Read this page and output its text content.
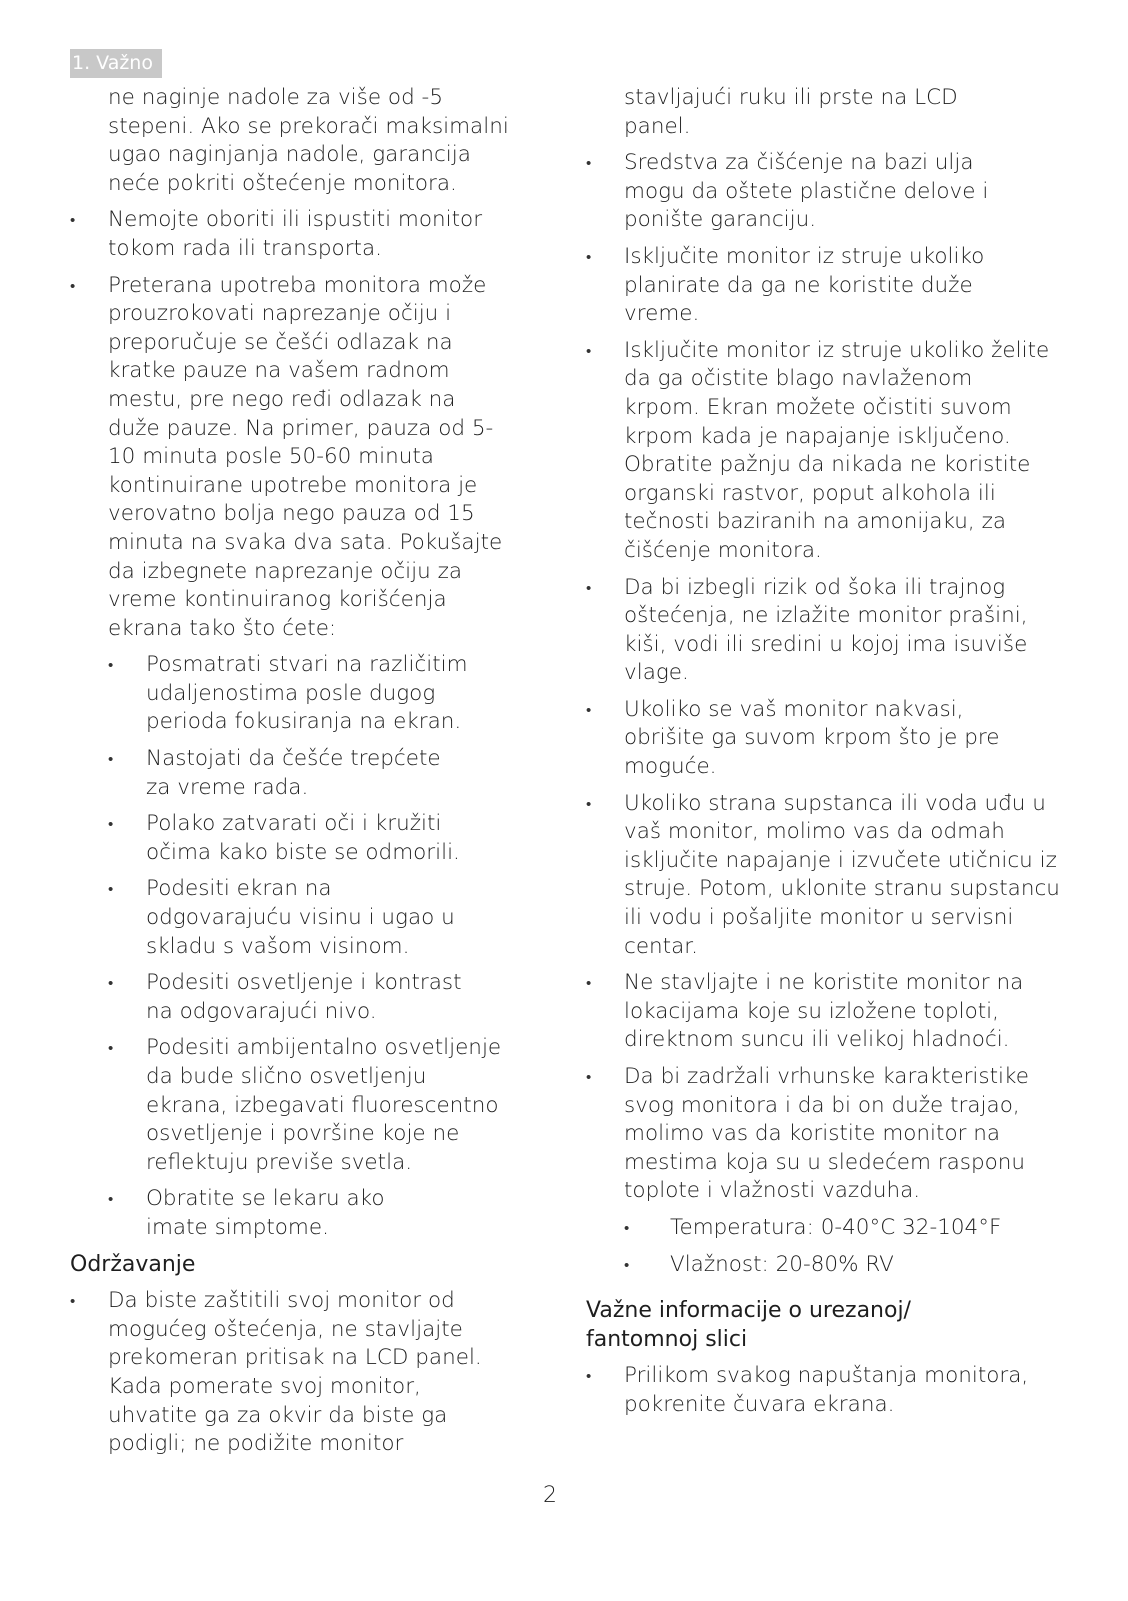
1. Važno

ne naginje nadole za više od -5 stepeni. Ako se prekorači maksimalni ugao naginjanja nadole, garancija neće pokriti oštećenje monitora.

• Nemojte oboriti ili ispustiti monitor tokom rada ili transporta.
• Preterana upotreba monitora može prouzrokovati naprezanje očiju i preporučuje se češći odlazak na kratke pauze na vašem radnom mestu, pre nego ređi odlazak na duže pauze. Na primer, pauza od 5-10 minuta posle 50-60 minuta kontinuirane upotrebe monitora je verovatno bolja nego pauza od 15 minuta na svaka dva sata. Pokušajte da izbegnete naprezanje očiju za vreme kontinuiranog korišćenja ekrana tako što ćete:
• Posmatrati stvari na različitim udaljenostima posle dugog perioda fokusiranja na ekran.
• Nastojati da češće trepćete za vreme rada.
• Polako zatvarati oči i kružiti očima kako biste se odmorili.
• Podesiti ekran na odgovarajuću visinu i ugao u skladu s vašom visinom.
• Podesiti osvetljenje i kontrast na odgovarajući nivo.
• Podesiti ambijentalno osvetljenje da bude slično osvetljenju ekrana, izbegavati fluorescentno osvetljenje i površine koje ne reflektuju previše svetla.
• Obratite se lekaru ako imate simptome.
Održavanje
• Da biste zaštitili svoj monitor od mogućeg oštećenja, ne stavljajte prekomeran pritisak na LCD panel. Kada pomerate svoj monitor, uhvatite ga za okvir da biste ga podigli; ne podižite monitor

stavljajući ruku ili prste na LCD panel.

• Sredstva za čišćenje na bazi ulja mogu da oštete plastične delove i ponište garanciju.
• Isključite monitor iz struje ukoliko planirate da ga ne koristite duže vreme.
• Isključite monitor iz struje ukoliko želite da ga očistite blago navlaženom krpom. Ekran možete očistiti suvom krpom kada je napajanje isključeno. Obratite pažnju da nikada ne koristite organski rastvor, poput alkohola ili tečnosti baziranih na amonijaku, za čišćenje monitora.
• Da bi izbegli rizik od šoka ili trajnog oštećenja, ne izlažite monitor prašini, kiši, vodi ili sredini u kojoj ima isuviše vlage.
• Ukoliko se vaš monitor nakvasi, obrišite ga suvom krpom što je pre moguće.
• Ukoliko strana supstanca ili voda uđu u vaš monitor, molimo vas da odmah isključite napajanje i izvučete utičnicu iz struje. Potom, uklonite stranu supstancu ili vodu i pošaljite monitor u servisni centar.
• Ne stavljajte i ne koristite monitor na lokacijama koje su izložene toploti, direktnom suncu ili velikoj hladnoći.
• Da bi zadržali vrhunske karakteristike svog monitora i da bi on duže trajao, molimo vas da koristite monitor na mestima koja su u sledećem rasponu toplote i vlažnosti vazduha.
• Temperatura: 0-40°C 32-104°F
• Vlažnost: 20-80% RV
Važne informacije o urezanoj/
fantomnoj slici
• Prilikom svakog napuštanja monitora, pokrenite čuvara ekrana.
2
